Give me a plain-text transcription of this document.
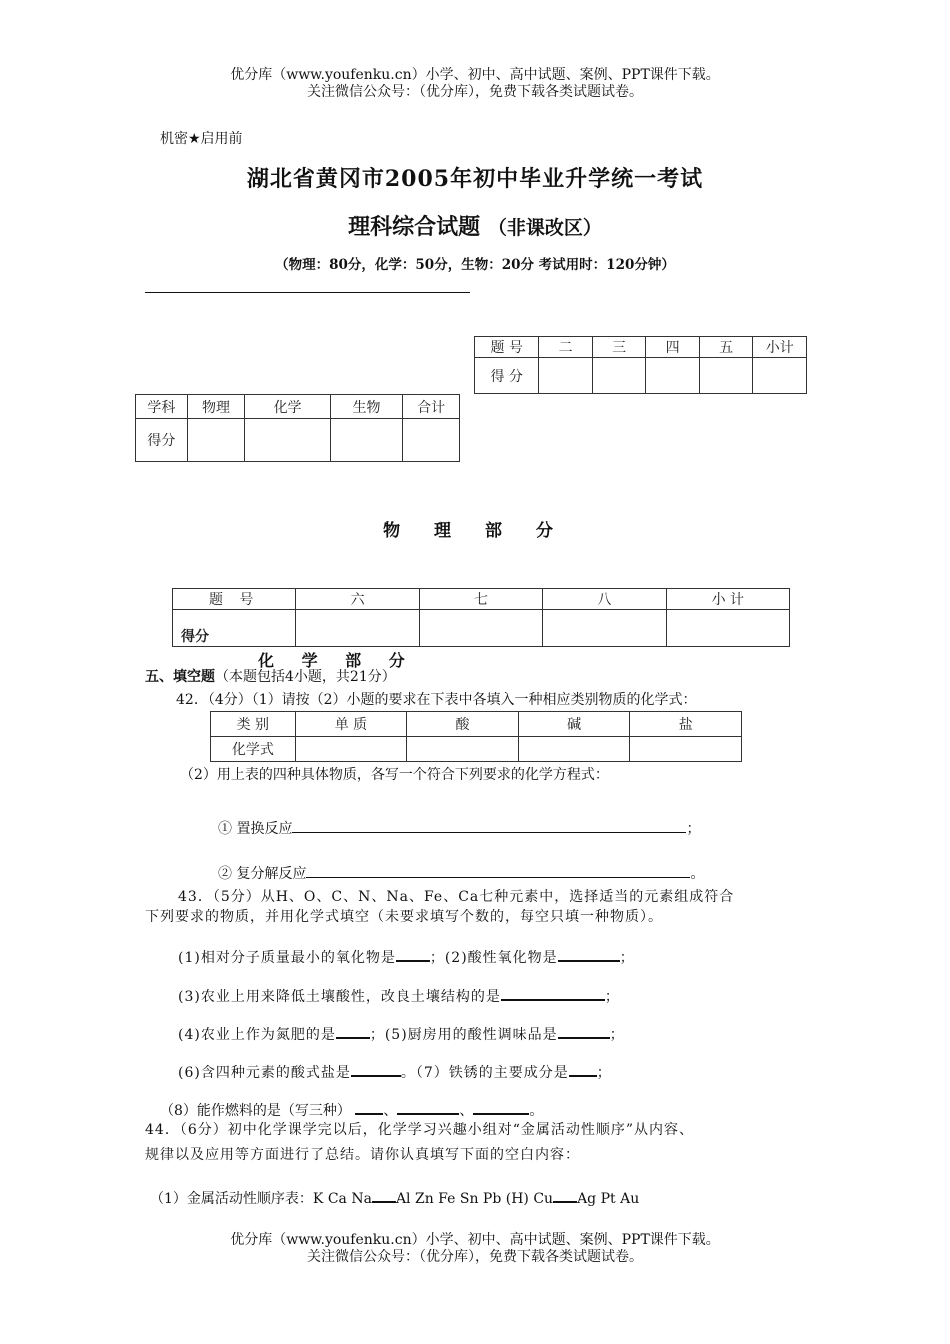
优分库（www.youfenku.cn）小学、初中、高中试题、案例、PPT课件下载。
关注微信公众号：（优分库），免费下载各类试题试卷。
机密★启用前
湖北省黄冈市2005年初中毕业升学统一考试
理科综合试题 （非课改区）
（物理：80分，化学：50分，生物：20分 考试用时：120分钟）
题 号	二	三	四	五	小计
得 分					
学科	物理	化学	生物	合计
得分				
物 理 部 分
题 号	六	七	八	小 计
得分				
化 学 部 分
五、填空题（本题包括4小题，共21分）
42．（4分）（1）请按（2）小题的要求在下表中各填入一种相应类别物质的化学式：
类 别	单 质	酸	碱	盐
化学式				
（2）用上表的四种具体物质，各写一个符合下列要求的化学方程式：
① 置换反应	；
② 复分解反应	。
43．（5分）从H、O、C、N、Na、Fe、Ca七种元素中，选择适当的元素组成符合
下列要求的物质，并用化学式填空（未要求填写个数的，每空只填一种物质）。
(1)相对分子质量最小的氧化物是 ；(2)酸性氧化物是	；
(3)农业上用来降低土壤酸性，改良土壤结构的是	；
(4)农业上作为氮肥的是 ；(5)厨房用的酸性调味品是	；
(6)含四种元素的酸式盐是	。（7）铁锈的主要成分是 ；
（8）能作燃料的是（写三种） 、	、	。
44．（6分）初中化学课学完以后，化学学习兴趣小组对“金属活动性顺序”从内容、
规律以及应用等方面进行了总结。请你认真填写下面的空白内容：
（1）金属活动性顺序表：K Ca Na Al Zn Fe Sn Pb (H) Cu Ag Pt Au
优分库（www.youfenku.cn）小学、初中、高中试题、案例、PPT课件下载。
关注微信公众号：（优分库），免费下载各类试题试卷。
